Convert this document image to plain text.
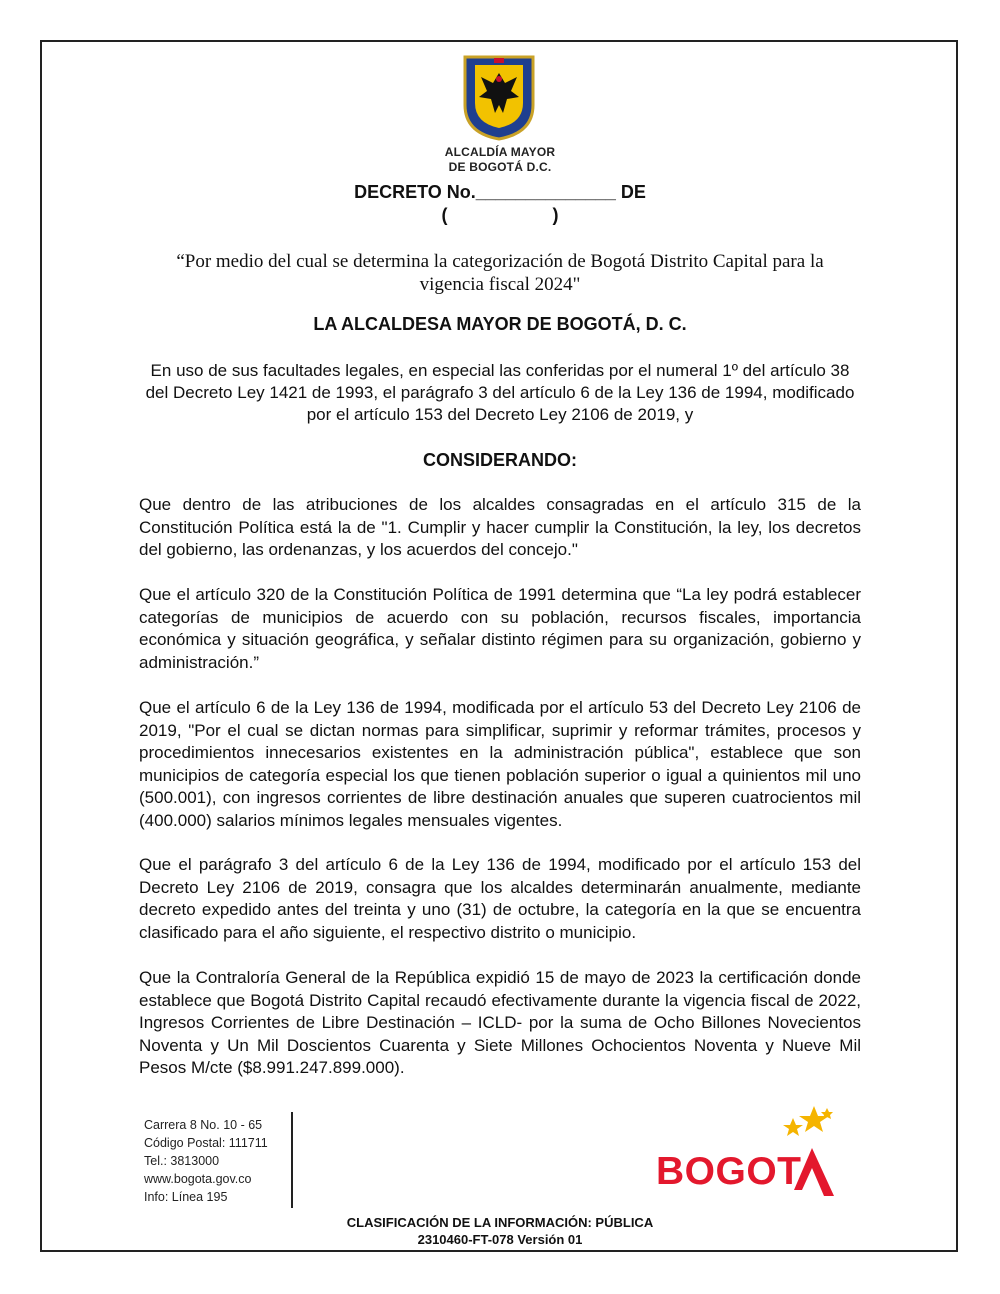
ALCALDÍA MAYOR
DE BOGOTÁ D.C.
DECRETO No.______________ DE
(                     )
“Por medio del cual se determina la categorización de Bogotá Distrito Capital para la vigencia fiscal 2024"
LA ALCALDESA MAYOR DE BOGOTÁ, D. C.
En uso de sus facultades legales, en especial las conferidas por el numeral 1º del artículo 38 del Decreto Ley 1421 de 1993, el parágrafo 3 del artículo 6 de la Ley 136 de 1994, modificado por el artículo 153 del Decreto Ley 2106 de 2019, y
CONSIDERANDO:
Que dentro de las atribuciones de los alcaldes consagradas en el artículo 315 de la Constitución Política está la de "1. Cumplir y hacer cumplir la Constitución, la ley, los decretos del gobierno, las ordenanzas, y los acuerdos del concejo."
Que el artículo 320 de la Constitución Política de 1991 determina que “La ley podrá establecer categorías de municipios de acuerdo con su población, recursos fiscales, importancia económica y situación geográfica, y señalar distinto régimen para su organización, gobierno y administración.”
Que el artículo 6 de la Ley 136 de 1994, modificada por el artículo 53 del Decreto Ley 2106 de 2019, "Por el cual se dictan normas para simplificar, suprimir y reformar trámites, procesos y procedimientos innecesarios existentes en la administración pública", establece que son municipios de categoría especial los que tienen población superior o igual a quinientos mil uno (500.001), con ingresos corrientes de libre destinación anuales que superen cuatrocientos mil (400.000) salarios mínimos legales mensuales vigentes.
Que el parágrafo 3 del artículo 6 de la Ley 136 de 1994, modificado por el artículo 153 del Decreto Ley 2106 de 2019, consagra que los alcaldes determinarán anualmente, mediante decreto expedido antes del treinta y uno (31) de octubre, la categoría en la que se encuentra clasificado para el año siguiente, el respectivo distrito o municipio.
Que la Contraloría General de la República expidió 15 de mayo de 2023 la certificación donde establece que Bogotá Distrito Capital recaudó efectivamente durante la vigencia fiscal de 2022, Ingresos Corrientes de Libre Destinación – ICLD- por la suma de Ocho Billones Novecientos Noventa y Un Mil Doscientos Cuarenta y Siete Millones Ochocientos Noventa y Nueve Mil Pesos M/cte ($8.991.247.899.000).
Carrera 8 No. 10 - 65
Código Postal: 111711
Tel.: 3813000
www.bogota.gov.co
Info: Línea 195
BOGOT
CLASIFICACIÓN DE LA INFORMACIÓN: PÚBLICA
2310460-FT-078 Versión 01
